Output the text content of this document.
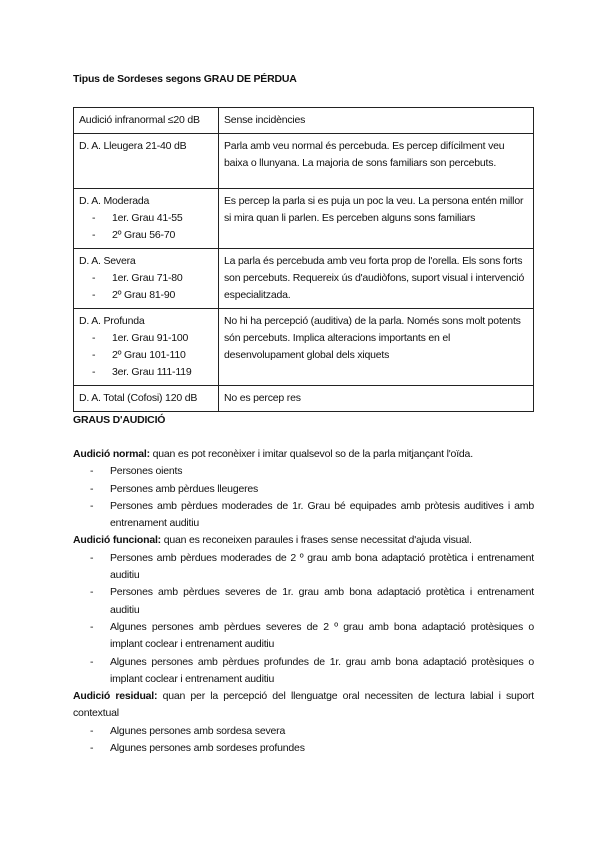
Tipus de Sordeses segons GRAU DE PÉRDUA
Audició infranormal ≤20 dB	Sense incidències

D. A. Lleugera 21-40 dB	Parla amb veu normal és percebuda. Es percep difícilment veu baixa o llunyana. La majoria de sons familiars son percebuts.

D. A. Moderada
- 1er. Grau 41-55
- 2º Grau 56-70	Es percep la parla si es puja un poc la veu. La persona entén millor si mira quan li parlen. Es perceben alguns sons familiars

D. A. Severa
- 1er. Grau 71-80
- 2º Grau 81-90	La parla és percebuda amb veu forta prop de l'orella. Els sons forts son percebuts. Requereix ús d'audiòfons, suport visual i intervenció especialitzada.

D. A. Profunda
- 1er. Grau 91-100
- 2º Grau 101-110
- 3er. Grau 111-119	No hi ha percepció (auditiva) de la parla. Només sons molt potents són percebuts. Implica alteracions importants en el desenvolupament global dels xiquets

D. A. Total (Cofosi) 120 dB	No es percep res
GRAUS D'AUDICIÓ
Audició normal: quan es pot reconèixer i imitar qualsevol so de la parla mitjançant l'oïda.
- Persones oients
- Persones amb pèrdues lleugeres
- Persones amb pèrdues moderades de 1r. Grau bé equipades amb pròtesis auditives i amb entrenament auditiu
Audició funcional: quan es reconeixen paraules i frases sense necessitat d'ajuda visual.
- Persones amb pèrdues moderades de 2 º grau amb bona adaptació protètica i entrenament auditiu
- Persones amb pèrdues severes de 1r. grau amb bona adaptació protètica i entrenament auditiu
- Algunes persones amb pèrdues severes de 2 º grau amb bona adaptació protèsiques o implant coclear i entrenament auditiu
- Algunes persones amb pèrdues profundes de 1r. grau amb bona adaptació protèsiques o implant coclear i entrenament auditiu
Audició residual: quan per la percepció del llenguatge oral necessiten de lectura labial i suport contextual
- Algunes persones amb sordesa severa
- Algunes persones amb sordeses profundes
